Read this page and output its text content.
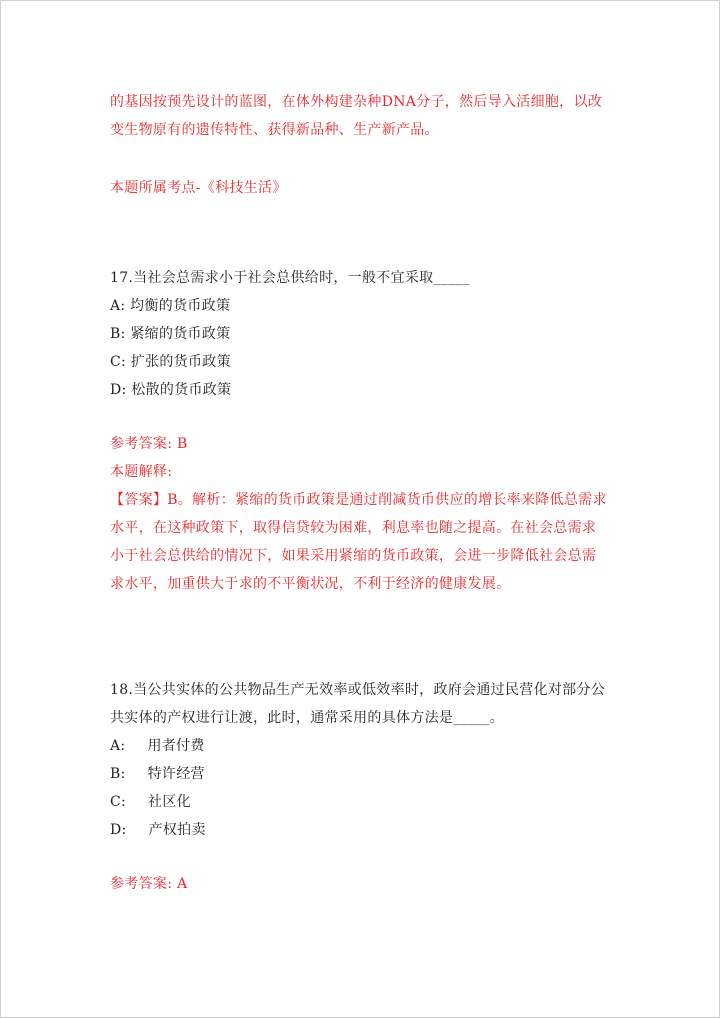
的基因按预先设计的蓝图，在体外构建杂种DNA分子，然后导入活细胞，以改

变生物原有的遗传特性、获得新品种、生产新产品。

本题所属考点-《科技生活》

17.当社会总需求小于社会总供给时，一般不宜采取_____

A: 均衡的货币政策

B: 紧缩的货币政策

C: 扩张的货币政策

D: 松散的货币政策

参考答案: B

本题解释:

【答案】B。解析：紧缩的货币政策是通过削减货币供应的增长率来降低总需求

水平，在这种政策下，取得信贷较为困难，利息率也随之提高。在社会总需求

小于社会总供给的情况下，如果采用紧缩的货币政策，会进一步降低社会总需

求水平，加重供大于求的不平衡状况，不利于经济的健康发展。

18.当公共实体的公共物品生产无效率或低效率时，政府会通过民营化对部分公

共实体的产权进行让渡，此时，通常采用的具体方法是_____。

A: 用者付费

B: 特许经营

C: 社区化

D: 产权拍卖

参考答案: A
